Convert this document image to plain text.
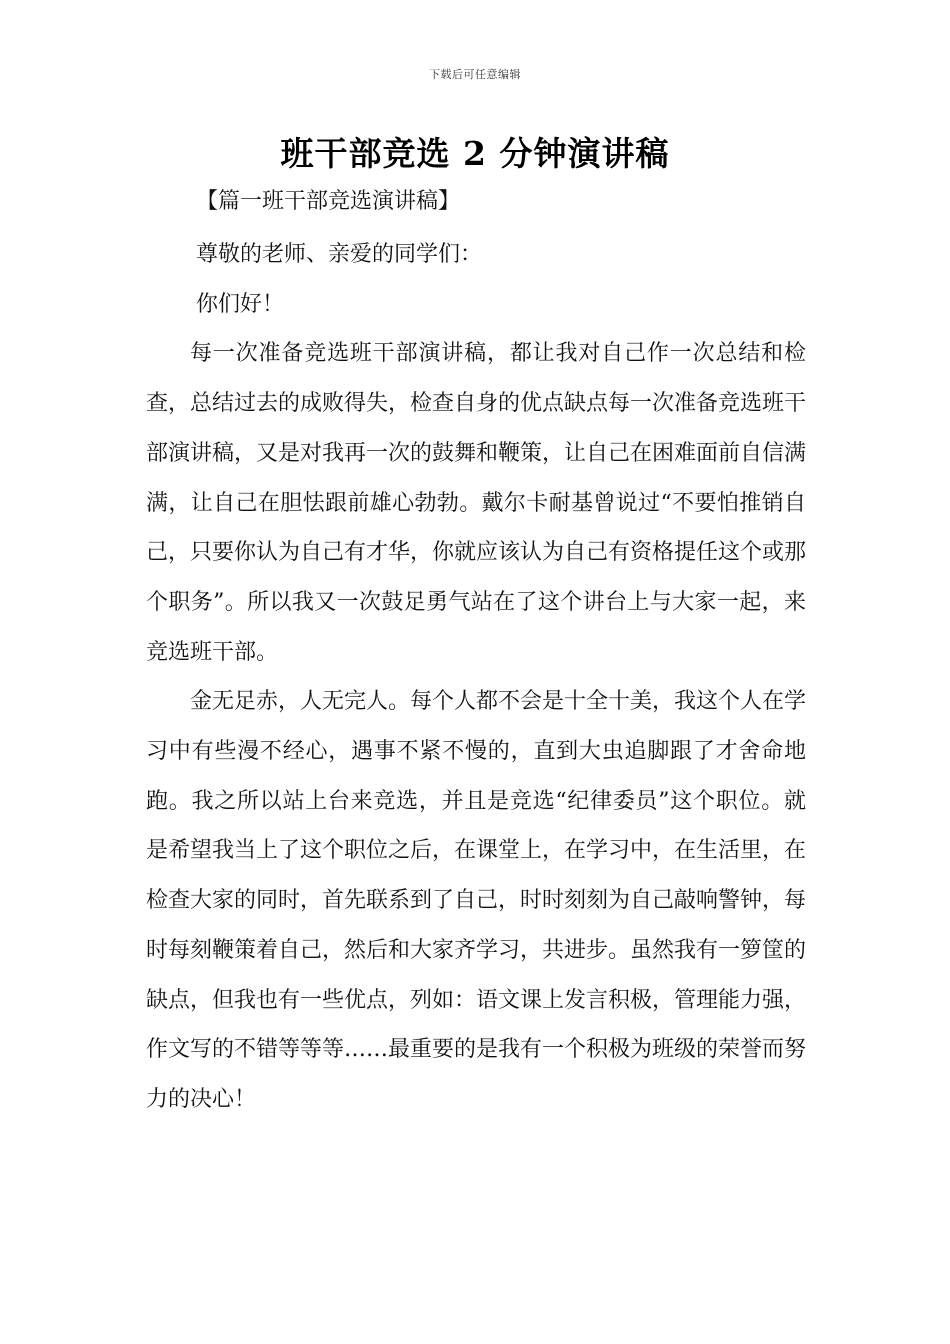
下载后可任意编辑
班干部竞选 2 分钟演讲稿
【篇一班干部竞选演讲稿】

尊敬的老师、亲爱的同学们：

你们好！

每一次准备竞选班干部演讲稿，都让我对自己作一次总结和检查，总结过去的成败得失，检查自身的优点缺点每一次准备竞选班干部演讲稿，又是对我再一次的鼓舞和鞭策，让自己在困难面前自信满满，让自己在胆怯跟前雄心勃勃。戴尔卡耐基曾说过“不要怕推销自己，只要你认为自己有才华，你就应该认为自己有资格提任这个或那个职务”。所以我又一次鼓足勇气站在了这个讲台上与大家一起，来竞选班干部。

金无足赤，人无完人。每个人都不会是十全十美，我这个人在学习中有些漫不经心，遇事不紧不慢的，直到大虫追脚跟了才舍命地跑。我之所以站上台来竞选，并且是竞选“纪律委员”这个职位。就是希望我当上了这个职位之后，在课堂上，在学习中，在生活里，在检查大家的同时，首先联系到了自己，时时刻刻为自己敲响警钟，每时每刻鞭策着自己，然后和大家齐学习，共进步。虽然我有一箩筐的缺点，但我也有一些优点，列如：语文课上发言积极，管理能力强，作文写的不错等等等……最重要的是我有一个积极为班级的荣誉而努力的决心！
